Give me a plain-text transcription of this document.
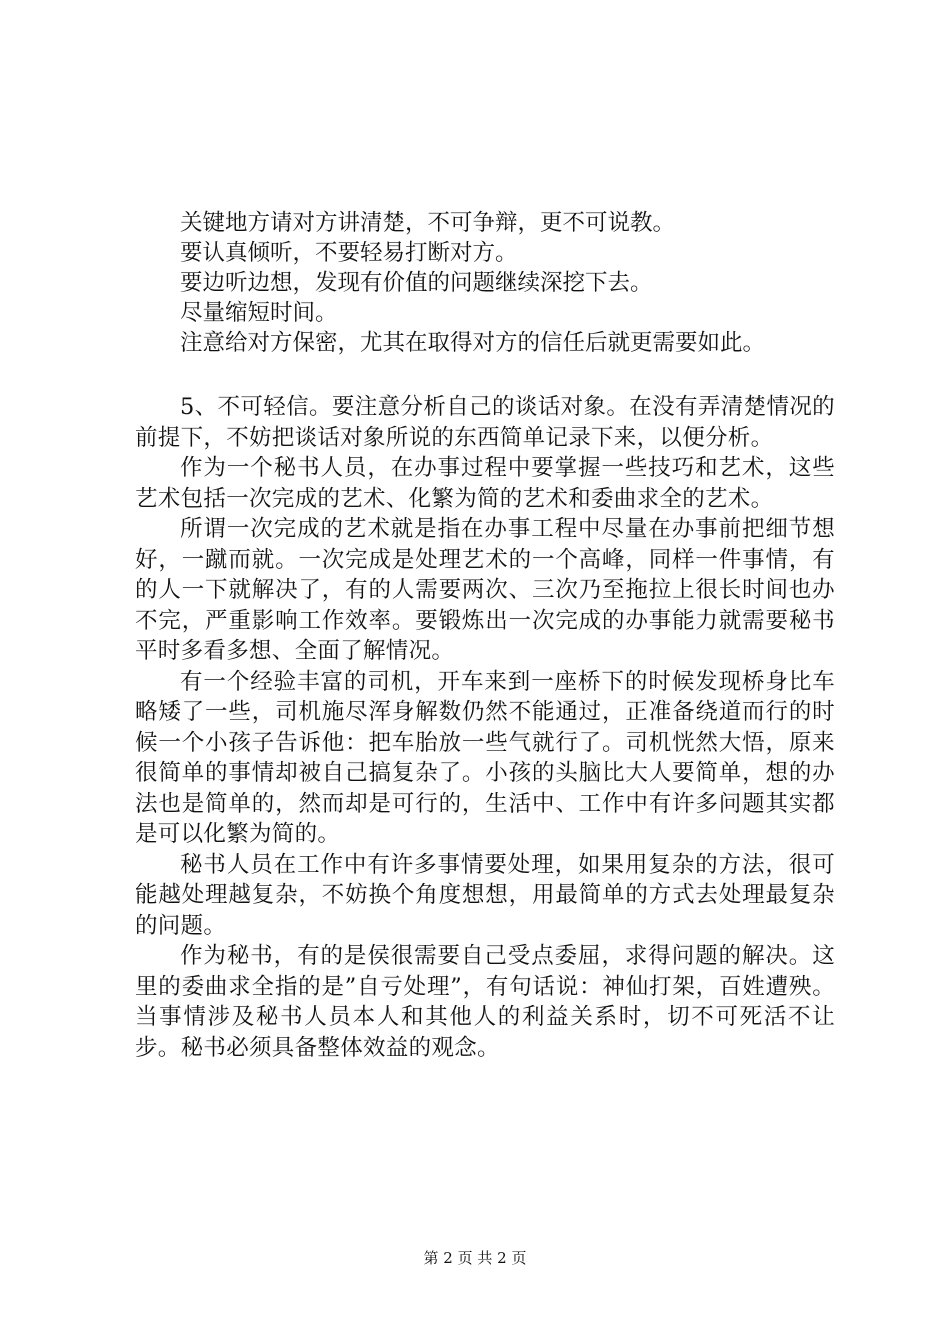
关键地方请对方讲清楚，不可争辩，更不可说教。

要认真倾听，不要轻易打断对方。

要边听边想，发现有价值的问题继续深挖下去。

尽量缩短时间。

注意给对方保密，尤其在取得对方的信任后就更需要如此。

5、不可轻信。要注意分析自己的谈话对象。在没有弄清楚情况的前提下，不妨把谈话对象所说的东西简单记录下来，以便分析。

作为一个秘书人员，在办事过程中要掌握一些技巧和艺术，这些艺术包括一次完成的艺术、化繁为简的艺术和委曲求全的艺术。

所谓一次完成的艺术就是指在办事工程中尽量在办事前把细节想好，一蹴而就。一次完成是处理艺术的一个高峰，同样一件事情，有的人一下就解决了，有的人需要两次、三次乃至拖拉上很长时间也办不完，严重影响工作效率。要锻炼出一次完成的办事能力就需要秘书平时多看多想、全面了解情况。

有一个经验丰富的司机，开车来到一座桥下的时候发现桥身比车略矮了一些，司机施尽浑身解数仍然不能通过，正准备绕道而行的时候一个小孩子告诉他：把车胎放一些气就行了。司机恍然大悟，原来很简单的事情却被自己搞复杂了。小孩的头脑比大人要简单，想的办法也是简单的，然而却是可行的，生活中、工作中有许多问题其实都是可以化繁为简的。

秘书人员在工作中有许多事情要处理，如果用复杂的方法，很可能越处理越复杂，不妨换个角度想想，用最简单的方式去处理最复杂的问题。

作为秘书，有的是侯很需要自己受点委屈，求得问题的解决。这里的委曲求全指的是”自亏处理”，有句话说：神仙打架，百姓遭殃。当事情涉及秘书人员本人和其他人的利益关系时，切不可死活不让步。秘书必须具备整体效益的观念。

第 2 页 共 2 页
